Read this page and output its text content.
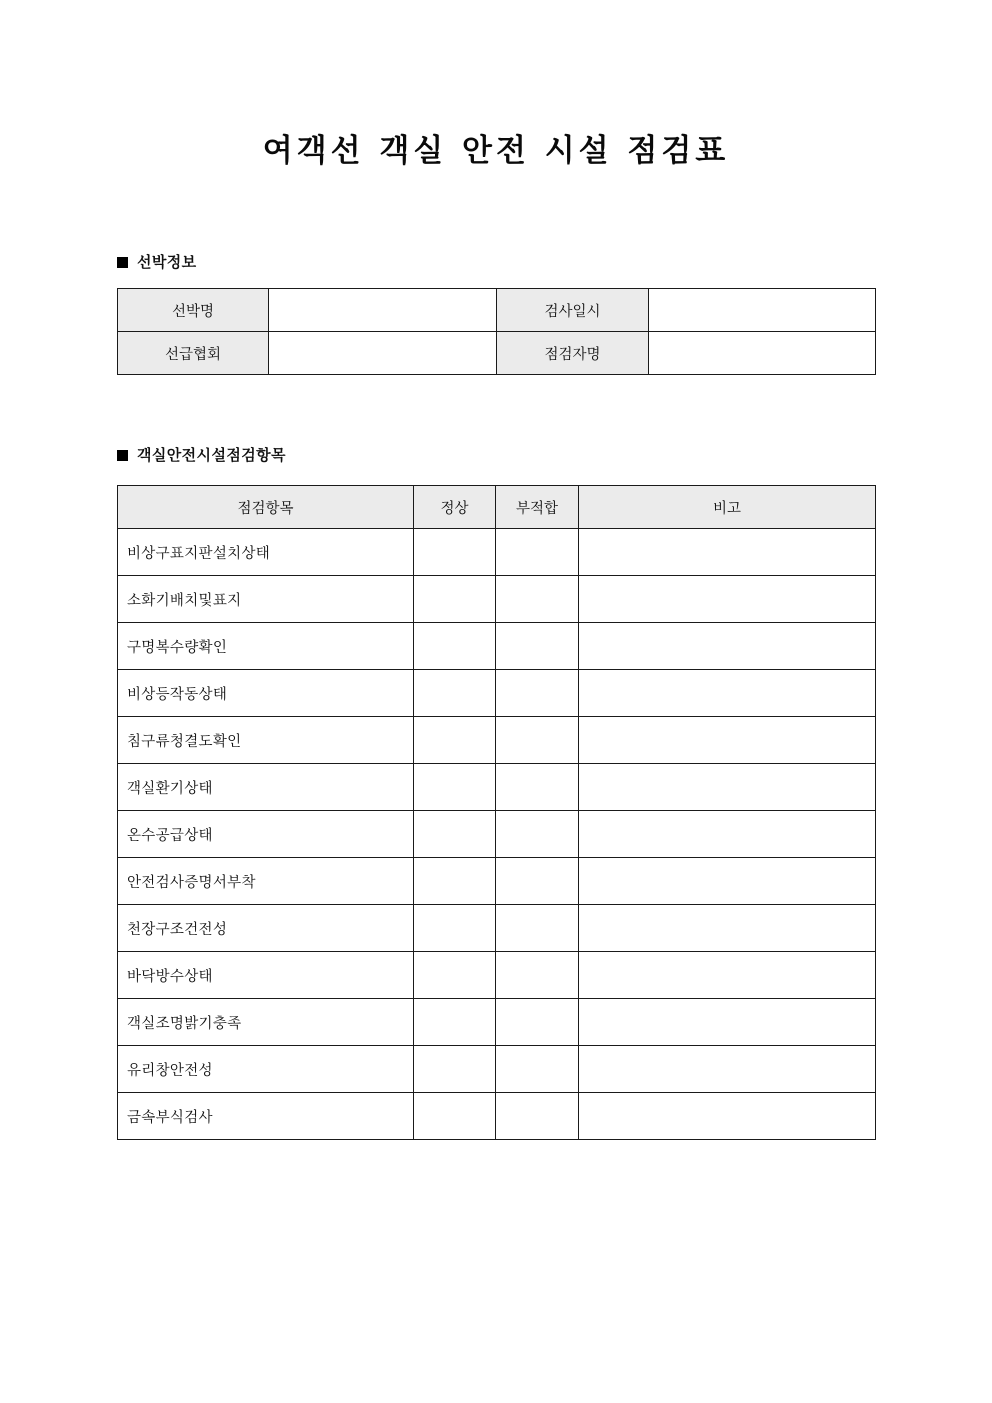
여객선 객실 안전 시설 점검표
선박정보
선박명		검사일시	
선급협회		점검자명	
객실안전시설점검항목
점검항목	정상	부적합	비고
비상구표지판설치상태			
소화기배치및표지			
구명복수량확인			
비상등작동상태			
침구류청결도확인			
객실환기상태			
온수공급상태			
안전검사증명서부착			
천장구조건전성			
바닥방수상태			
객실조명밝기충족			
유리창안전성			
금속부식검사			
